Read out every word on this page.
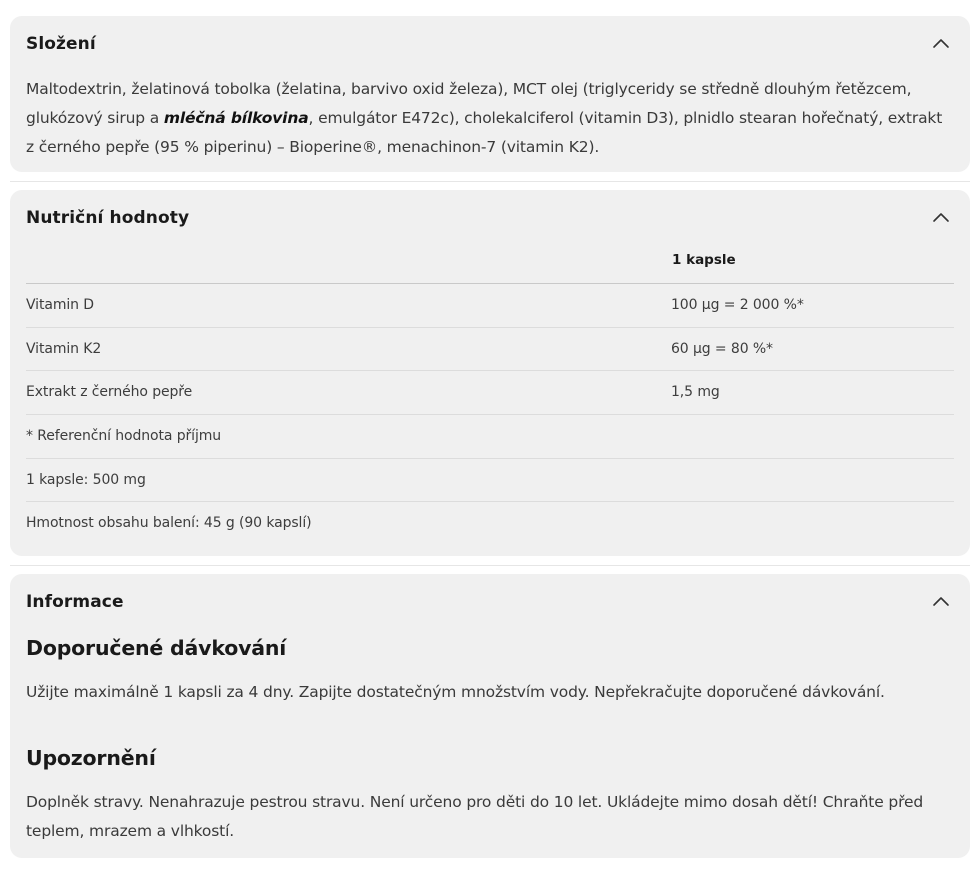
Složení
Maltodextrin, želatinová tobolka (želatina, barvivo oxid železa), MCT olej (triglyceridy se středně dlouhým řetězcem, glukózový sirup a mléčná bílkovina, emulgátor E472c), cholekalciferol (vitamin D3), plnidlo stearan hořečnatý, extrakt z černého pepře (95 % piperinu) – Bioperine®, menachinon-7 (vitamin K2).
Nutriční hodnoty
1 kapsle
Vitamin D	100 µg = 2 000 %*
Vitamin K2	60 µg = 80 %*
Extrakt z černého pepře	1,5 mg
* Referenční hodnota příjmu
1 kapsle: 500 mg
Hmotnost obsahu balení: 45 g (90 kapslí)
Informace
Doporučené dávkování
Užijte maximálně 1 kapsli za 4 dny. Zapijte dostatečným množstvím vody. Nepřekračujte doporučené dávkování.
Upozornění
Doplněk stravy. Nenahrazuje pestrou stravu. Není určeno pro děti do 10 let. Ukládejte mimo dosah dětí! Chraňte před teplem, mrazem a vlhkostí.
